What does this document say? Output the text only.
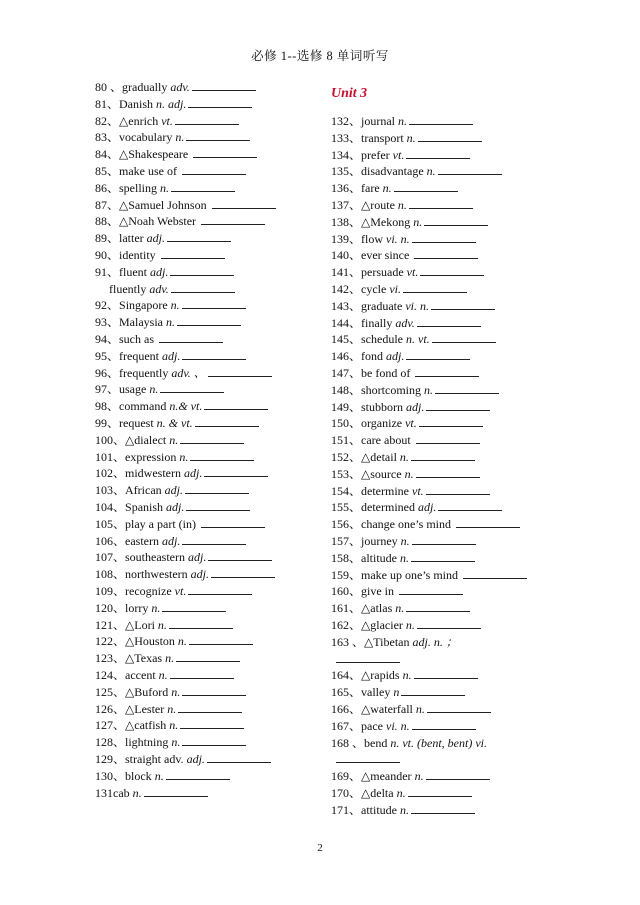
必修 1--选修 8 单词听写
Unit 3
80 、gradually adv.
81、Danish n. adj.
82、△enrich vt.
83、vocabulary n.
84、△Shakespeare
85、make use of
86、spelling n.
87、△Samuel Johnson
88、△Noah Webster
89、latter adj.
90、identity
91、fluent adj.
fluently adv.
92、Singapore n.
93、Malaysia n.
94、such as
95、frequent adj.
96、frequently adv. 、
97、usage n.
98、command n.& vt.
99、request n. & vt.
100、△dialect n.
101、expression n.
102、midwestern adj.
103、African adj.
104、Spanish adj.
105、play a part (in)
106、eastern adj.
107、southeastern adj.
108、northwestern adj.
109、recognize vt.
120、lorry n.
121、△Lori n.
122、△Houston n.
123、△Texas n.
124、accent n.
125、△Buford n.
126、△Lester n.
127、△catfish n.
128、lightning n.
129、straight adv. adj.
130、block n.
131cab n.
132、journal n.
133、transport n.
134、prefer vt.
135、disadvantage n.
136、fare n.
137、△route n.
138、△Mekong n.
139、flow vi. n.
140、ever since
141、persuade vt.
142、cycle vi.
143、graduate vi. n.
144、finally adv.
145、schedule n. vt.
146、fond adj.
147、be fond of
148、shortcoming n.
149、stubborn adj.
150、organize vt.
151、care about
152、△detail n.
153、△source n.
154、determine vt.
155、determined adj.
156、change one’s mind
157、journey n.
158、altitude n.
159、make up one’s mind
160、give in
161、△atlas n.
162、△glacier n.
163 、△Tibetan adj. n. ；
164、△rapids n.
165、valley n
166、△waterfall n.
167、pace vi. n.
168 、bend n. vt. (bent, bent) vi.
169、△meander n.
170、△delta n.
171、attitude n.
2
